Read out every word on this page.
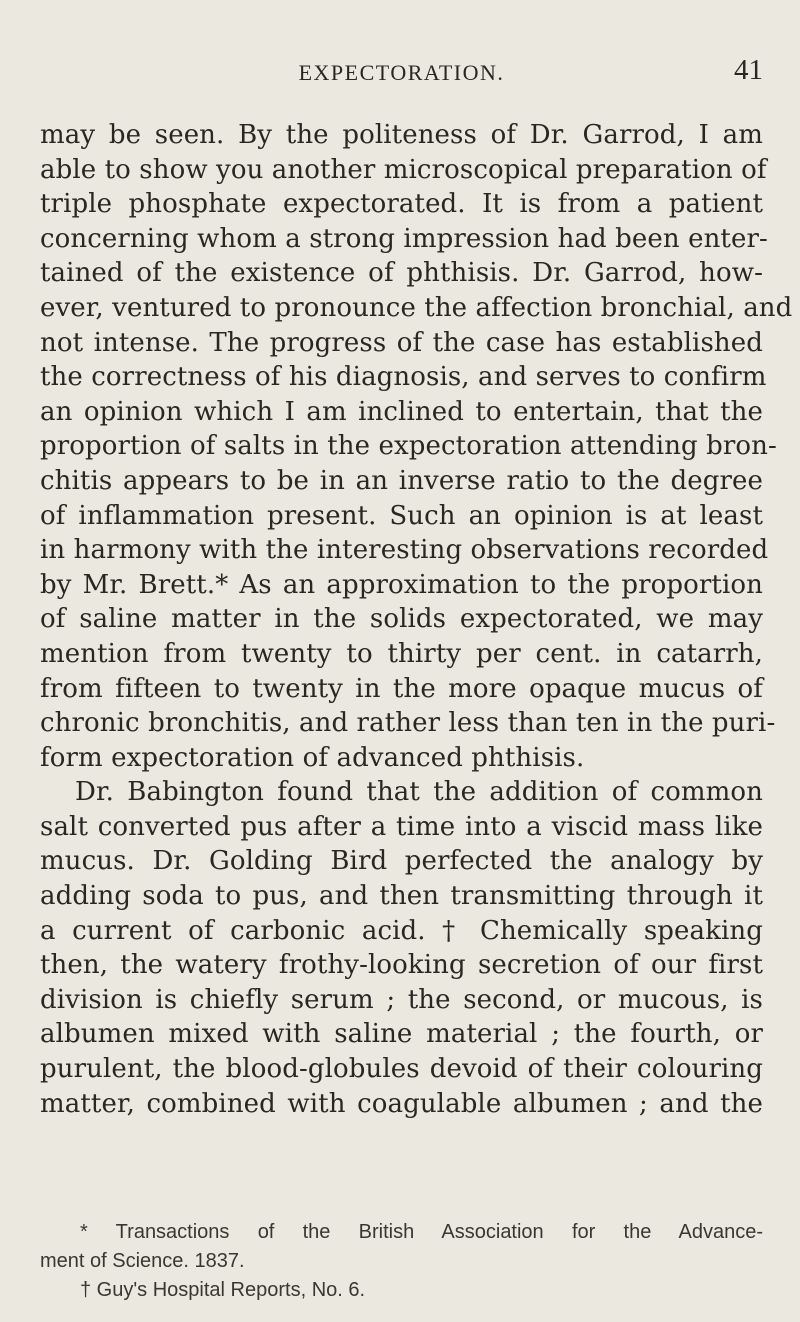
EXPECTORATION.	41
may be seen. By the politeness of Dr. Garrod, I am
able to show you another microscopical preparation of
triple phosphate expectorated. It is from a patient
concerning whom a strong impression had been enter-
tained of the existence of phthisis. Dr. Garrod, how-
ever, ventured to pronounce the affection bronchial, and
not intense. The progress of the case has established
the correctness of his diagnosis, and serves to confirm
an opinion which I am inclined to entertain, that the
proportion of salts in the expectoration attending bron-
chitis appears to be in an inverse ratio to the degree
of inflammation present. Such an opinion is at least
in harmony with the interesting observations recorded
by Mr. Brett.* As an approximation to the proportion
of saline matter in the solids expectorated, we may
mention from twenty to thirty per cent. in catarrh,
from fifteen to twenty in the more opaque mucus of
chronic bronchitis, and rather less than ten in the puri-
form expectoration of advanced phthisis.
Dr. Babington found that the addition of common
salt converted pus after a time into a viscid mass like
mucus. Dr. Golding Bird perfected the analogy by
adding soda to pus, and then transmitting through it
a current of carbonic acid. † Chemically speaking
then, the watery frothy-looking secretion of our first
division is chiefly serum ; the second, or mucous, is
albumen mixed with saline material ; the fourth, or
purulent, the blood-globules devoid of their colouring
matter, combined with coagulable albumen ; and the
* Transactions of the British Association for the Advance-
ment of Science. 1837.
† Guy's Hospital Reports, No. 6.
